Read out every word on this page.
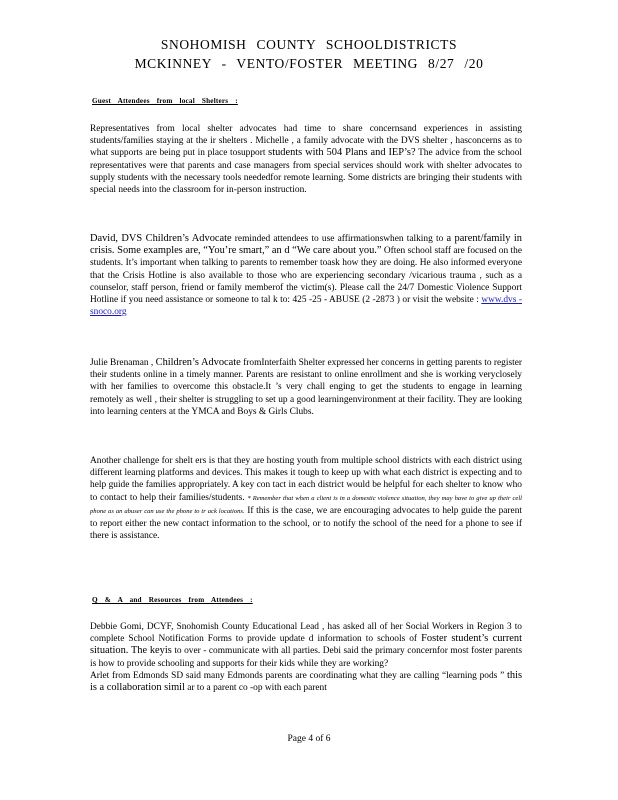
SNOHOMISH COUNTY SCHOOLDISTRICTS
MCKINNEY - VENTO/FOSTER MEETING 8/27 /20
Guest Attendees from local Shelters :

Representatives from local shelter advocates had time to share concernsand experiences in assisting students/families staying at the ir shelters . Michelle , a family advocate with the DVS shelter , hasconcerns as to what supports are being put in place tosupport students with 504 Plans and IEP’s? The advice from the school representatives were that parents and case managers from special services should work with shelter advocates to supply students with the necessary tools neededfor remote learning. Some districts are bringing their students with special needs into the classroom for in-person instruction.

David, DVS Children’s Advocate reminded attendees to use affirmationswhen talking to a parent/family in crisis. Some examples are, “You’re smart,” an d “We care about you.” Often school staff are focused on the students. It’s important when talking to parents to remember toask how they are doing. He also informed everyone that the Crisis Hotline is also available to those who are experiencing secondary /vicarious trauma , such as a counselor, staff person, friend or family memberof the victim(s). Please call the 24/7 Domestic Violence Support Hotline if you need assistance or someone to tal k to: 425 -25 - ABUSE (2 -2873 ) or visit the website : www.dvs -snoco.org

Julie Brenaman , Children’s Advocate fromInterfaith Shelter expressed her concerns in getting parents to register their students online in a timely manner. Parents are resistant to online enrollment and she is working veryclosely with her families to overcome this obstacle.It ’s very chall enging to get the students to engage in learning remotely as well , their shelter is struggling to set up a good learningenvironment at their facility. They are looking into learning centers at the YMCA and Boys & Girls Clubs.

Another challenge for shelt ers is that they are hosting youth from multiple school districts with each district using different learning platforms and devices. This makes it tough to keep up with what each district is expecting and to help guide the families appropriately. A key con tact in each district would be helpful for each shelter to know who to contact to help their families/students. * Remember that when a client is in a domestic violence situation, they may have to give up their cell phone as an abuser can use the phone to tr ack locations. If this is the case, we are encouraging advocates to help guide the parent to report either the new contact information to the school, or to notify the school of the need for a phone to see if there is assistance.

Q & A and Resources from Attendees :

Debbie Gomi, DCYF, Snohomish County Educational Lead , has asked all of her Social Workers in Region 3 to complete School Notification Forms to provide update d information to schools of Foster student’s current situation. The keyis to over - communicate with all parties. Debi said the primary concernfor most foster parents is how to provide schooling and supports for their kids while they are working?

Arlet from Edmonds SD said many Edmonds parents are coordinating what they are calling “learning pods ” this is a collaboration simil ar to a parent co -op with each parent

Page 4 of 6
